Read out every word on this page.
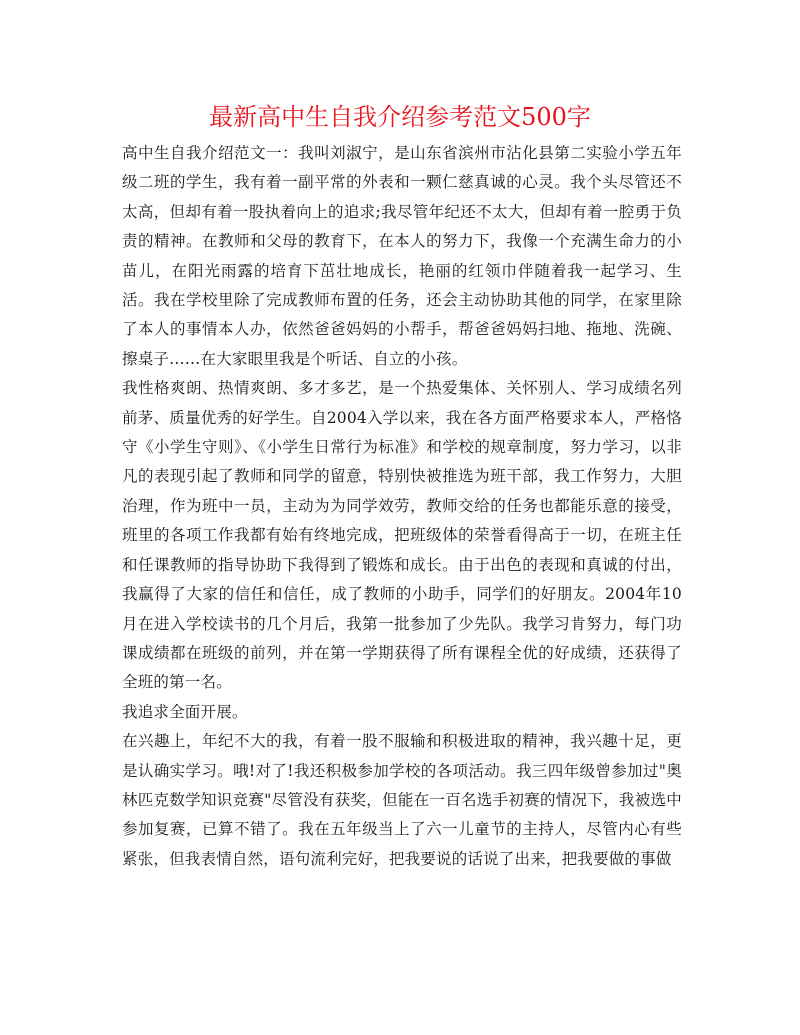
最新高中生自我介绍参考范文500字

高中生自我介绍范文一：我叫刘淑宁，是山东省滨州市沾化县第二实验小学五年级二班的学生，我有着一副平常的外表和一颗仁慈真诚的心灵。我个头尽管还不太高，但却有着一股执着向上的追求;我尽管年纪还不太大，但却有着一腔勇于负责的精神。在教师和父母的教育下，在本人的努力下，我像一个充满生命力的小苗儿，在阳光雨露的培育下茁壮地成长，艳丽的红领巾伴随着我一起学习、生活。我在学校里除了完成教师布置的任务，还会主动协助其他的同学，在家里除了本人的事情本人办，依然爸爸妈妈的小帮手，帮爸爸妈妈扫地、拖地、洗碗、擦桌子……在大家眼里我是个听话、自立的小孩。

我性格爽朗、热情爽朗、多才多艺，是一个热爱集体、关怀别人、学习成绩名列前茅、质量优秀的好学生。自2004入学以来，我在各方面严格要求本人，严格恪守《小学生守则》、《小学生日常行为标准》和学校的规章制度，努力学习，以非凡的表现引起了教师和同学的留意，特别快被推选为班干部，我工作努力，大胆治理，作为班中一员，主动为为同学效劳，教师交给的任务也都能乐意的接受，班里的各项工作我都有始有终地完成，把班级体的荣誉看得高于一切，在班主任和任课教师的指导协助下我得到了锻炼和成长。由于出色的表现和真诚的付出，我赢得了大家的信任和信任，成了教师的小助手，同学们的好朋友。2004年10月在进入学校读书的几个月后，我第一批参加了少先队。我学习肯努力，每门功课成绩都在班级的前列，并在第一学期获得了所有课程全优的好成绩，还获得了全班的第一名。

我追求全面开展。

在兴趣上，年纪不大的我，有着一股不服输和积极进取的精神，我兴趣十足，更是认确实学习。哦!对了!我还积极参加学校的各项活动。我三四年级曾参加过"奥林匹克数学知识竞赛"尽管没有获奖，但能在一百名选手初赛的情况下，我被选中参加复赛，已算不错了。我在五年级当上了六一儿童节的主持人，尽管内心有些紧张，但我表情自然，语句流利完好，把我要说的话说了出来，把我要做的事做
